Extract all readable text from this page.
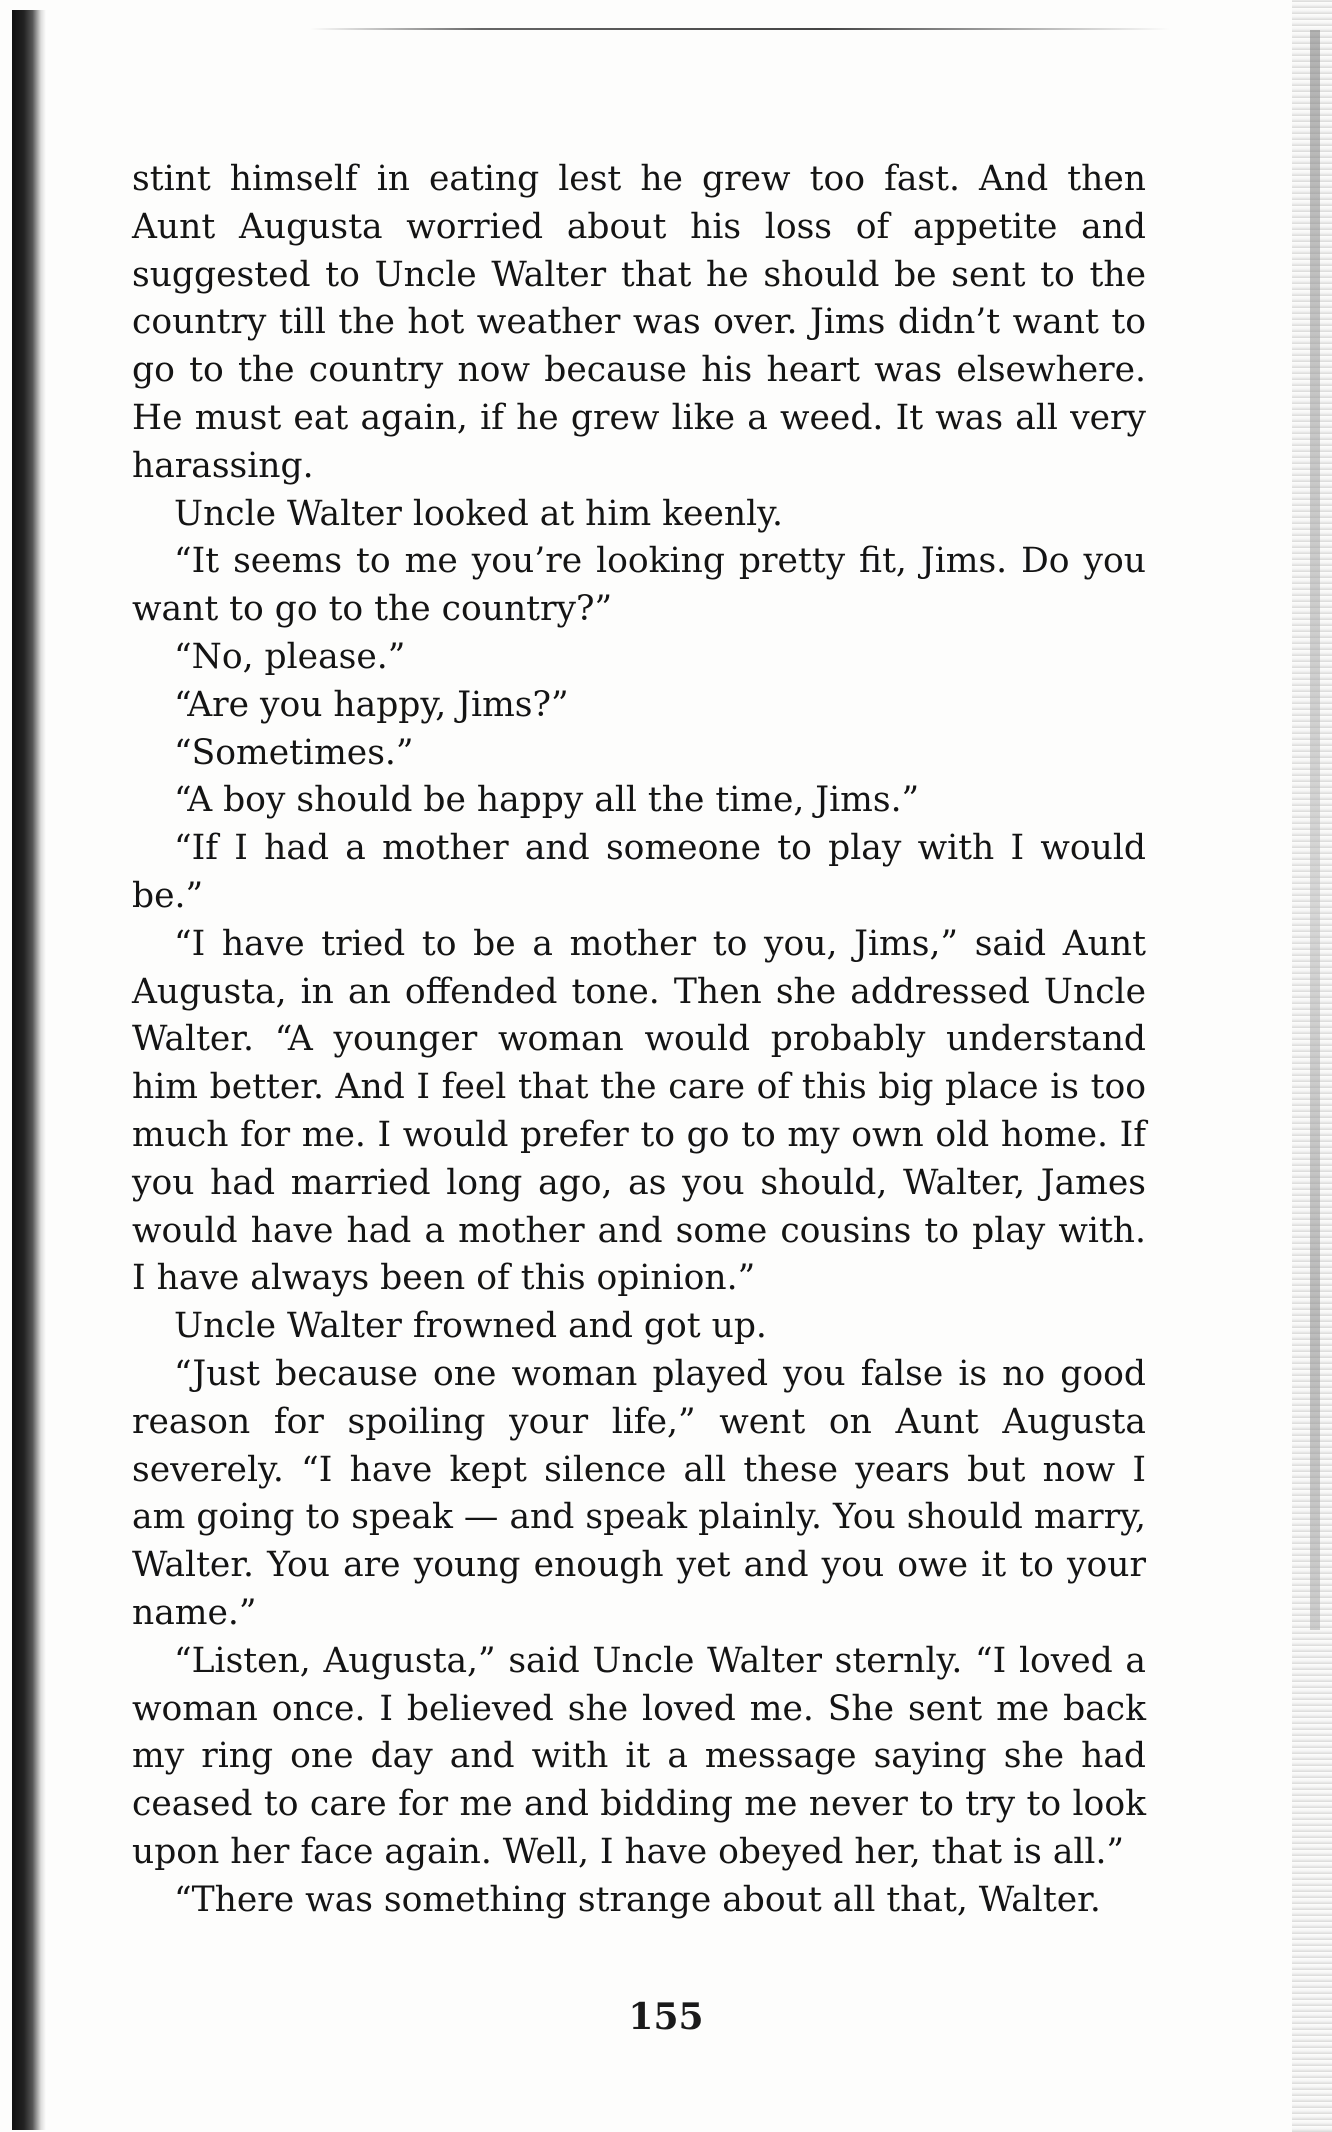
stint himself in eating lest he grew too fast. And then Aunt Augusta worried about his loss of appetite and suggested to Uncle Walter that he should be sent to the country till the hot weather was over. Jims didn’t want to go to the country now because his heart was elsewhere. He must eat again, if he grew like a weed. It was all very harassing.

Uncle Walter looked at him keenly.

“It seems to me you’re looking pretty fit, Jims. Do you want to go to the country?”

“No, please.”

“Are you happy, Jims?”

“Sometimes.”

“A boy should be happy all the time, Jims.”

“If I had a mother and someone to play with I would be.”

“I have tried to be a mother to you, Jims,” said Aunt Augusta, in an offended tone. Then she addressed Uncle Walter. “A younger woman would probably understand him better. And I feel that the care of this big place is too much for me. I would prefer to go to my own old home. If you had married long ago, as you should, Walter, James would have had a mother and some cousins to play with. I have always been of this opinion.”

Uncle Walter frowned and got up.

“Just because one woman played you false is no good reason for spoiling your life,” went on Aunt Augusta severely. “I have kept silence all these years but now I am going to speak — and speak plainly. You should marry, Walter. You are young enough yet and you owe it to your name.”

“Listen, Augusta,” said Uncle Walter sternly. “I loved a woman once. I believed she loved me. She sent me back my ring one day and with it a message saying she had ceased to care for me and bidding me never to try to look upon her face again. Well, I have obeyed her, that is all.”

“There was something strange about all that, Walter.

155
